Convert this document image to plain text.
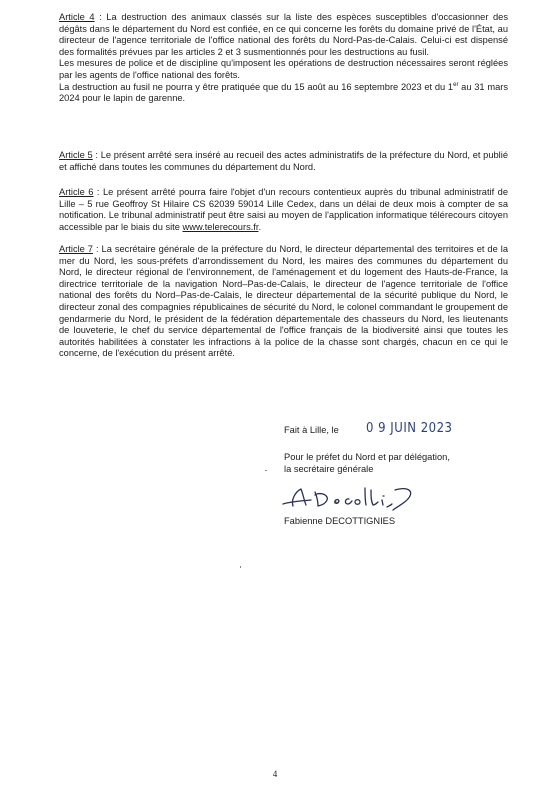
Article 4 : La destruction des animaux classés sur la liste des espèces susceptibles d'occasionner des dégâts dans le département du Nord est confiée, en ce qui concerne les forêts du domaine privé de l'État, au directeur de l'agence territoriale de l'office national des forêts du Nord-Pas-de-Calais. Celui-ci est dispensé des formalités prévues par les articles 2 et 3 susmentionnés pour les destructions au fusil.

Les mesures de police et de discipline qu'imposent les opérations de destruction nécessaires seront réglées par les agents de l'office national des forêts.

La destruction au fusil ne pourra y être pratiquée que du 15 août au 16 septembre 2023 et du 1er au 31 mars 2024 pour le lapin de garenne.

Article 5 : Le présent arrêté sera inséré au recueil des actes administratifs de la préfecture du Nord, et publié et affiché dans toutes les communes du département du Nord.

Article 6 : Le présent arrêté pourra faire l'objet d'un recours contentieux auprès du tribunal administratif de Lille – 5 rue Geoffroy St Hilaire CS 62039 59014 Lille Cedex, dans un délai de deux mois à compter de sa notification. Le tribunal administratif peut être saisi au moyen de l'application informatique télérecours citoyen accessible par le biais du site www.telerecours.fr.

Article 7 : La secrétaire générale de la préfecture du Nord, le directeur départemental des territoires et de la mer du Nord, les sous-préfets d'arrondissement du Nord, les maires des communes du département du Nord, le directeur régional de l'environnement, de l'aménagement et du logement des Hauts-de-France, la directrice territoriale de la navigation Nord–Pas-de-Calais, le directeur de l'agence territoriale de l'office national des forêts du Nord–Pas-de-Calais, le directeur départemental de la sécurité publique du Nord, le directeur zonal des compagnies républicaines de sécurité du Nord, le colonel commandant le groupement de gendarmerie du Nord, le président de la fédération départementale des chasseurs du Nord, les lieutenants de louveterie, le chef du service départemental de l'office français de la biodiversité ainsi que toutes les autorités habilitées à constater les infractions à la police de la chasse sont chargés, chacun en ce qui le concerne, de l'exécution du présent arrêté.

Fait à Lille, le 0 9 JUIN 2023
Pour le préfet du Nord et par délégation,
la secrétaire générale
Fabienne DECOTTIGNIES
4
